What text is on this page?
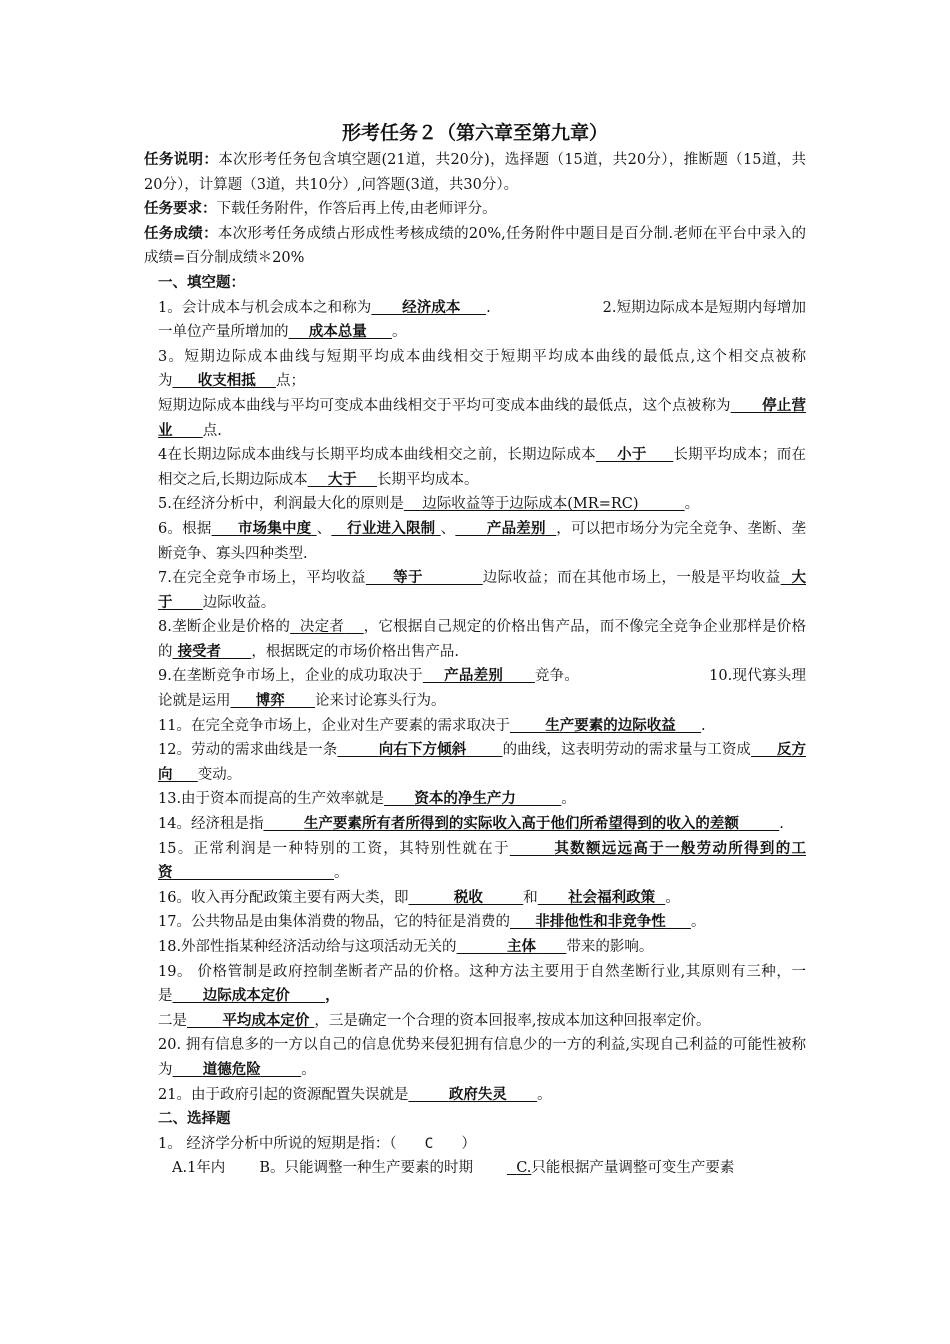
形考任务２（第六章至第九章）

任务说明：本次形考任务包含填空题(21道，共20分)，选择题（15道，共20分），推断题（15道，共20分），计算题（3道，共10分）,问答题(3道，共30分）。

任务要求：下载任务附件，作答后再上传,由老师评分。

任务成绩：本次形考任务成绩占形成性考核成绩的20%,任务附件中题目是百分制.老师在平台中录入的成绩=百分制成绩＊20%

一、填空题：

1。会计成本与机会成本之和称为 经济成本 .	2.短期边际成本是短期内每增加一单位产量所增加的 成本总量 。

3。短期边际成本曲线与短期平均成本曲线相交于短期平均成本曲线的最低点,这个相交点被称为 收支相抵 点；

短期边际成本曲线与平均可变成本曲线相交于平均可变成本曲线的最低点，这个点被称为 停止营业 点.

4在长期边际成本曲线与长期平均成本曲线相交之前，长期边际成本 小于 长期平均成本；而在相交之后,长期边际成本 大于 长期平均成本。

5.在经济分析中，利润最大化的原则是 边际收益等于边际成本(MR=RC)	。

6。根据 市场集中度 、 行业进入限制 、 产品差别 ，可以把市场分为完全竞争、垄断、垄断竞争、寡头四种类型.

7.在完全竞争市场上，平均收益 等于	边际收益；而在其他市场上，一般是平均收益 大于 边际收益。

8.垄断企业是价格的 决定者 ，它根据自己规定的价格出售产品，而不像完全竞争企业那样是价格的 接受者 ，根据既定的市场价格出售产品.

9.在垄断竞争市场上，企业的成功取决于 产品差别 竞争。	10.现代寡头理论就是运用 博弈 论来讨论寡头行为。

11。在完全竞争市场上，企业对生产要素的需求取决于 生产要素的边际收益 .

12。劳动的需求曲线是一条	向右下方倾斜 的曲线，这表明劳动的需求量与工资成 反方向 变动。

13.由于资本而提高的生产效率就是 资本的净生产力	。

14。经济租是指	生产要素所有者所得到的实际收入高于他们所希望得到的收入的差额	.

15。正常利润是一种特别的工资，其特别性就在于	其数额远远高于一般劳动所得到的工资	。

16。收入再分配政策主要有两大类，即	税收	和 社会福利政策 。

17。公共物品是由集体消费的物品，它的特征是消费的 非排他性和非竞争性 。

18.外部性指某种经济活动给与这项活动无关的	主体 带来的影响。

19。 价格管制是政府控制垄断者产品的价格。这种方法主要用于自然垄断行业,其原则有三种，一是 边际成本定价 ，

二是 平均成本定价 ，三是确定一个合理的资本回报率,按成本加这种回报率定价。

20. 拥有信息多的一方以自己的信息优势来侵犯拥有信息少的一方的利益,实现自己利益的可能性被称为 道德危险	。

21。由于政府引起的资源配置失误就是	政府失灵 。

二、选择题

1。 经济学分析中所说的短期是指：（ C ）

A.1年内 B。只能调整一种生产要素的时期	C.只能根据产量调整可变生产要素
